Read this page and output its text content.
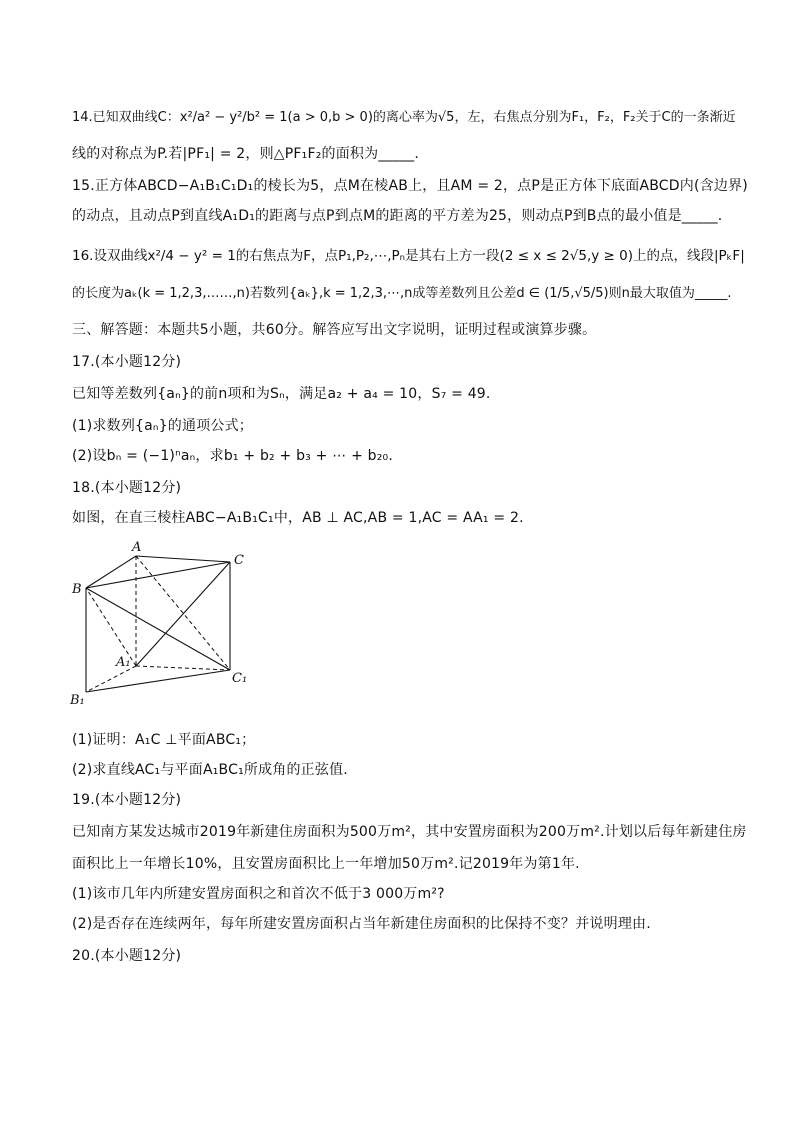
14.已知双曲线C：x²/a² − y²/b² = 1(a > 0,b > 0)的离心率为√5，左，右焦点分别为F₁，F₂，F₂关于C的一条渐近
线的对称点为P.若|PF₁| = 2，则△PF₁F₂的面积为_____.
15.正方体ABCD−A₁B₁C₁D₁的棱长为5，点M在棱AB上，且AM = 2，点P是正方体下底面ABCD内(含边界)
的动点，且动点P到直线A₁D₁的距离与点P到点M的距离的平方差为25，则动点P到B点的最小值是_____.
16.设双曲线x²/4 − y² = 1的右焦点为F，点P₁,P₂,⋯,Pₙ是其右上方一段(2 ≤ x ≤ 2√5,y ≥ 0)上的点，线段|PₖF|
的长度为aₖ(k = 1,2,3,……,n)若数列{aₖ},k = 1,2,3,⋯,n成等差数列且公差d ∈ (1/5,√5/5)则n最大取值为_____.
三、解答题：本题共5小题，共60分。解答应写出文字说明，证明过程或演算步骤。
17.(本小题12分)
已知等差数列{aₙ}的前n项和为Sₙ，满足a₂ + a₄ = 10，S₇ = 49.
(1)求数列{aₙ}的通项公式；
(2)设bₙ = (−1)ⁿaₙ，求b₁ + b₂ + b₃ + ⋯ + b₂₀.
18.(本小题12分)
如图，在直三棱柱ABC−A₁B₁C₁中，AB ⊥ AC,AB = 1,AC = AA₁ = 2.
A
B
C
A₁
B₁
C₁
(1)证明：A₁C ⊥平面ABC₁；
(2)求直线AC₁与平面A₁BC₁所成角的正弦值.
19.(本小题12分)
已知南方某发达城市2019年新建住房面积为500万m²，其中安置房面积为200万m².计划以后每年新建住房
面积比上一年增长10%，且安置房面积比上一年增加50万m².记2019年为第1年.
(1)该市几年内所建安置房面积之和首次不低于3 000万m²?
(2)是否存在连续两年，每年所建安置房面积占当年新建住房面积的比保持不变？并说明理由.
20.(本小题12分)
